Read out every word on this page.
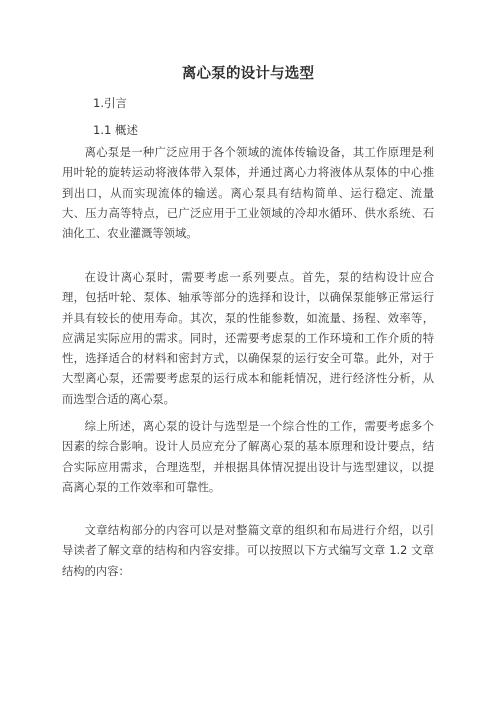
离心泵的设计与选型
1.引言
1.1 概述

离心泵是一种广泛应用于各个领域的流体传输设备，其工作原理是利用叶轮的旋转运动将液体带入泵体，并通过离心力将液体从泵体的中心推到出口，从而实现流体的输送。离心泵具有结构简单、运行稳定、流量大、压力高等特点，已广泛应用于工业领域的冷却水循环、供水系统、石油化工、农业灌溉等领域。

在设计离心泵时，需要考虑一系列要点。首先，泵的结构设计应合理，包括叶轮、泵体、轴承等部分的选择和设计，以确保泵能够正常运行并具有较长的使用寿命。其次，泵的性能参数，如流量、扬程、效率等，应满足实际应用的需求。同时，还需要考虑泵的工作环境和工作介质的特性，选择适合的材料和密封方式，以确保泵的运行安全可靠。此外，对于大型离心泵，还需要考虑泵的运行成本和能耗情况，进行经济性分析，从而选型合适的离心泵。

综上所述，离心泵的设计与选型是一个综合性的工作，需要考虑多个因素的综合影响。设计人员应充分了解离心泵的基本原理和设计要点，结合实际应用需求，合理选型，并根据具体情况提出设计与选型建议，以提高离心泵的工作效率和可靠性。

文章结构部分的内容可以是对整篇文章的组织和布局进行介绍，以引导读者了解文章的结构和内容安排。可以按照以下方式编写文章 1.2 文章结构的内容：
